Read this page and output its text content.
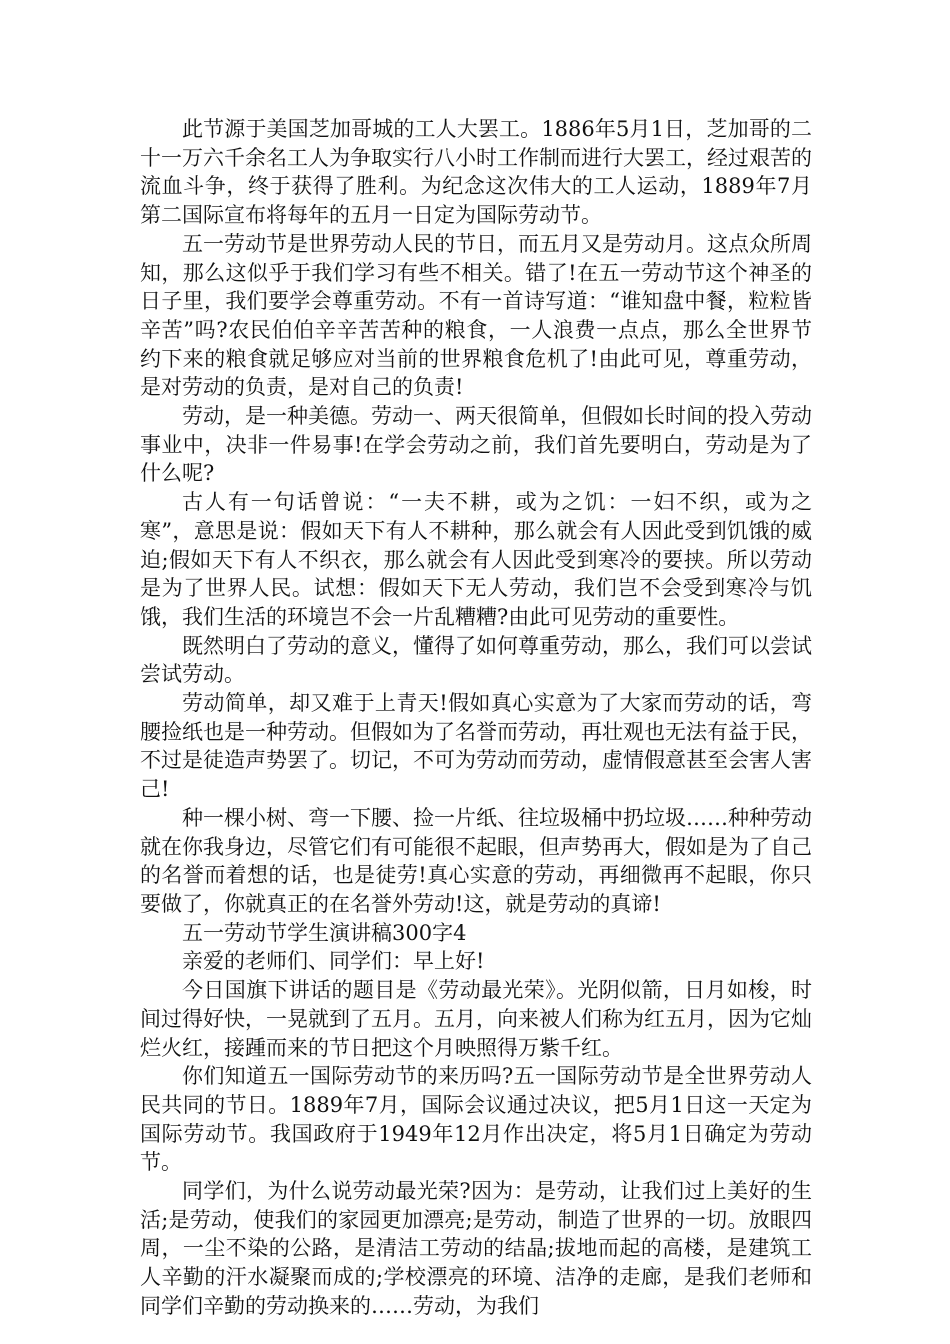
此节源于美国芝加哥城的工人大罢工。1886年5月1日，芝加哥的二十一万六千余名工人为争取实行八小时工作制而进行大罢工，经过艰苦的流血斗争，终于获得了胜利。为纪念这次伟大的工人运动，1889年7月第二国际宣布将每年的五月一日定为国际劳动节。

五一劳动节是世界劳动人民的节日，而五月又是劳动月。这点众所周知，那么这似乎于我们学习有些不相关。错了!在五一劳动节这个神圣的日子里，我们要学会尊重劳动。不有一首诗写道：“谁知盘中餐，粒粒皆辛苦”吗?农民伯伯辛辛苦苦种的粮食，一人浪费一点点，那么全世界节约下来的粮食就足够应对当前的世界粮食危机了!由此可见，尊重劳动，是对劳动的负责，是对自己的负责!

劳动，是一种美德。劳动一、两天很简单，但假如长时间的投入劳动事业中，决非一件易事!在学会劳动之前，我们首先要明白，劳动是为了什么呢?

古人有一句话曾说：“一夫不耕，或为之饥：一妇不织，或为之寒”，意思是说：假如天下有人不耕种，那么就会有人因此受到饥饿的威迫;假如天下有人不织衣，那么就会有人因此受到寒冷的要挟。所以劳动是为了世界人民。试想：假如天下无人劳动，我们岂不会受到寒冷与饥饿，我们生活的环境岂不会一片乱糟糟?由此可见劳动的重要性。

既然明白了劳动的意义，懂得了如何尊重劳动，那么，我们可以尝试尝试劳动。

劳动简单，却又难于上青天!假如真心实意为了大家而劳动的话，弯腰捡纸也是一种劳动。但假如为了名誉而劳动，再壮观也无法有益于民，不过是徒造声势罢了。切记，不可为劳动而劳动，虚情假意甚至会害人害己!

种一棵小树、弯一下腰、捡一片纸、往垃圾桶中扔垃圾……种种劳动就在你我身边，尽管它们有可能很不起眼，但声势再大，假如是为了自己的名誉而着想的话，也是徒劳!真心实意的劳动，再细微再不起眼，你只要做了，你就真正的在名誉外劳动!这，就是劳动的真谛!

五一劳动节学生演讲稿300字4

亲爱的老师们、同学们：早上好!

今日国旗下讲话的题目是《劳动最光荣》。光阴似箭，日月如梭，时间过得好快，一晃就到了五月。五月，向来被人们称为红五月，因为它灿烂火红，接踵而来的节日把这个月映照得万紫千红。

你们知道五一国际劳动节的来历吗?五一国际劳动节是全世界劳动人民共同的节日。1889年7月，国际会议通过决议，把5月1日这一天定为国际劳动节。我国政府于1949年12月作出决定，将5月1日确定为劳动节。

同学们，为什么说劳动最光荣?因为：是劳动，让我们过上美好的生活;是劳动，使我们的家园更加漂亮;是劳动，制造了世界的一切。放眼四周，一尘不染的公路，是清洁工劳动的结晶;拔地而起的高楼，是建筑工人辛勤的汗水凝聚而成的;学校漂亮的环境、洁净的走廊，是我们老师和同学们辛勤的劳动换来的……劳动，为我们
